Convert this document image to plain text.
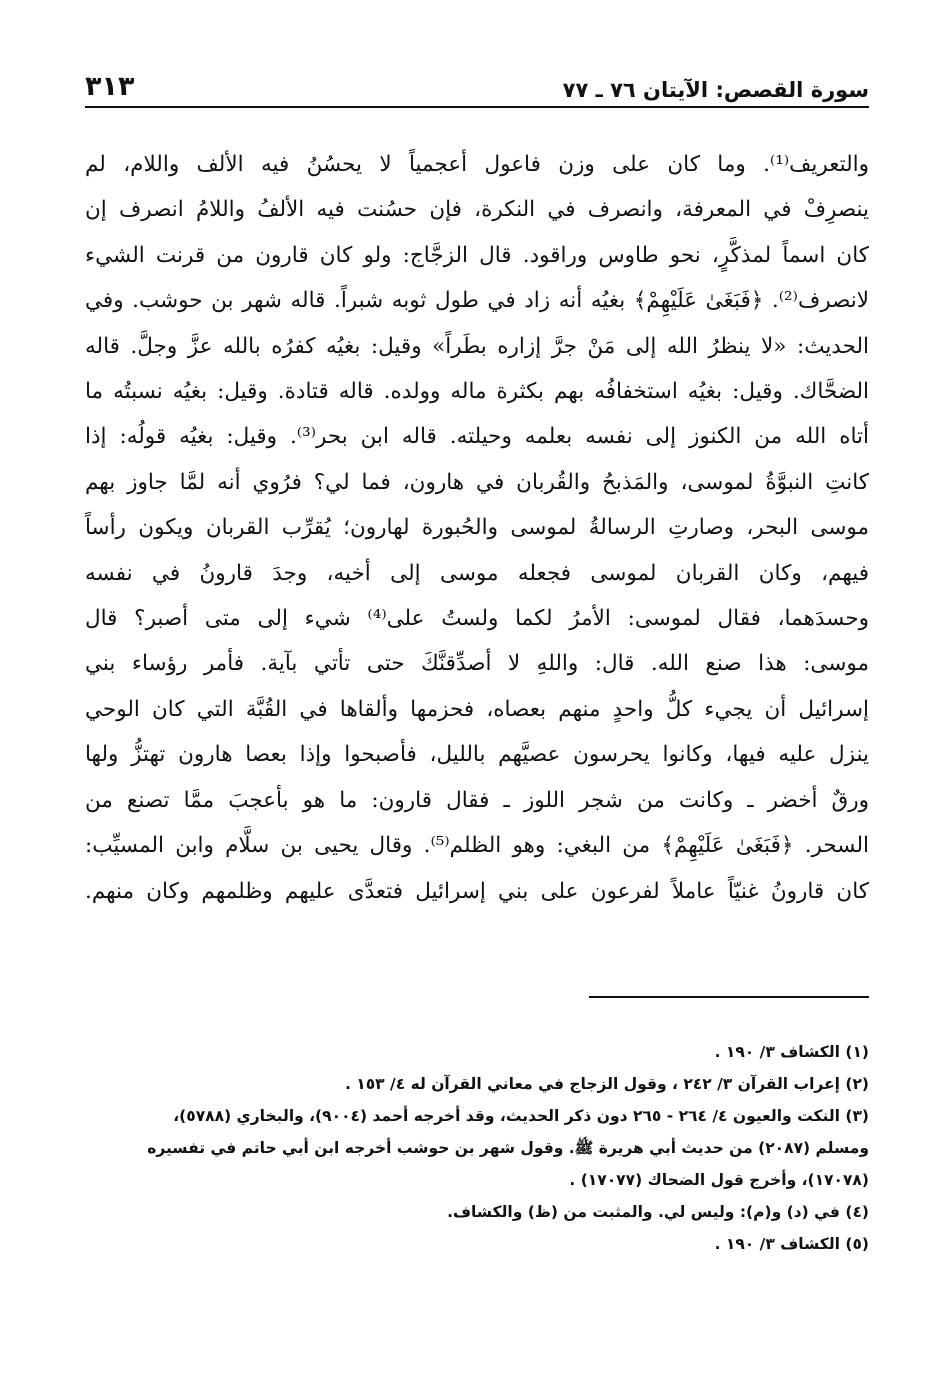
سورة القصص: الآيتان ٧٦ ـ ٧٧
٣١٣

والتعريف⁽¹⁾. وما كان على وزن فاعول أعجمياً لا يحسُنُ فيه الألف واللام، لم

ينصرِفْ في المعرفة، وانصرف في النكرة، فإن حسُنت فيه الألفُ واللامُ انصرف إن

كان اسماً لمذكَّرٍ، نحو طاوس وراقود. قال الزجَّاج: ولو كان قارون من قرنت الشيء

لانصرف⁽²⁾. ﴿فَبَغَىٰ عَلَيْهِمْ﴾ بغيُه أنه زاد في طول ثوبه شبراً. قاله شهر بن حوشب. وفي

الحديث: «لا ينظرُ الله إلى مَنْ جرَّ إزاره بطَراً» وقيل: بغيُه كفرُه بالله عزَّ وجلَّ. قاله

الضحَّاك. وقيل: بغيُه استخفافُه بهم بكثرة ماله وولده. قاله قتادة. وقيل: بغيُه نسبتُه ما

أتاه الله من الكنوز إلى نفسه بعلمه وحيلته. قاله ابن بحر⁽³⁾. وقيل: بغيُه قولُه: إذا

كانتِ النبوَّةُ لموسى، والمَذبحُ والقُربان في هارون، فما لي؟ فرُوي أنه لمَّا جاوز بهم

موسى البحر، وصارتِ الرسالةُ لموسى والحُبورة لهارون؛ يُقرِّب القربان ويكون رأساً

فيهم، وكان القربان لموسى فجعله موسى إلى أخيه، وجدَ قارونُ في نفسه

وحسدَهما، فقال لموسى: الأمرُ لكما ولستُ على⁽⁴⁾ شيء إلى متى أصبر؟ قال

موسى: هذا صنع الله. قال: واللهِ لا أصدِّقنَّكَ حتى تأتي بآية. فأمر رؤساء بني

إسرائيل أن يجيء كلُّ واحدٍ منهم بعصاه، فحزمها وألقاها في القُبَّة التي كان الوحي

ينزل عليه فيها، وكانوا يحرسون عصيَّهم بالليل، فأصبحوا وإذا بعصا هارون تهتزُّ ولها

ورقٌ أخضر ـ وكانت من شجر اللوز ـ فقال قارون: ما هو بأعجبَ ممَّا تصنع من

السحر. ﴿فَبَغَىٰ عَلَيْهِمْ﴾ من البغي: وهو الظلم⁽⁵⁾. وقال يحيى بن سلَّام وابن المسيِّب:

كان قارونُ غنيّاً عاملاً لفرعون على بني إسرائيل فتعدَّى عليهم وظلمهم وكان منهم.

(١) الكشاف ٣/ ١٩٠ .

(٢) إعراب القرآن ٣/ ٢٤٢ ، وقول الزجاج في معاني القرآن له ٤/ ١٥٣ .

(٣) النكت والعيون ٤/ ٢٦٤ - ٢٦٥ دون ذكر الحديث، وقد أخرجه أحمد (٩٠٠٤)، والبخاري (٥٧٨٨)،
ومسلم (٢٠٨٧) من حديث أبي هريرة ﷺ. وقول شهر بن حوشب أخرجه ابن أبي حاتم في تفسيره
(١٧٠٧٨)، وأخرج قول الضحاك (١٧٠٧٧) .

(٤) في (د) و(م): وليس لي. والمثبت من (ظ) والكشاف.

(٥) الكشاف ٣/ ١٩٠ .
